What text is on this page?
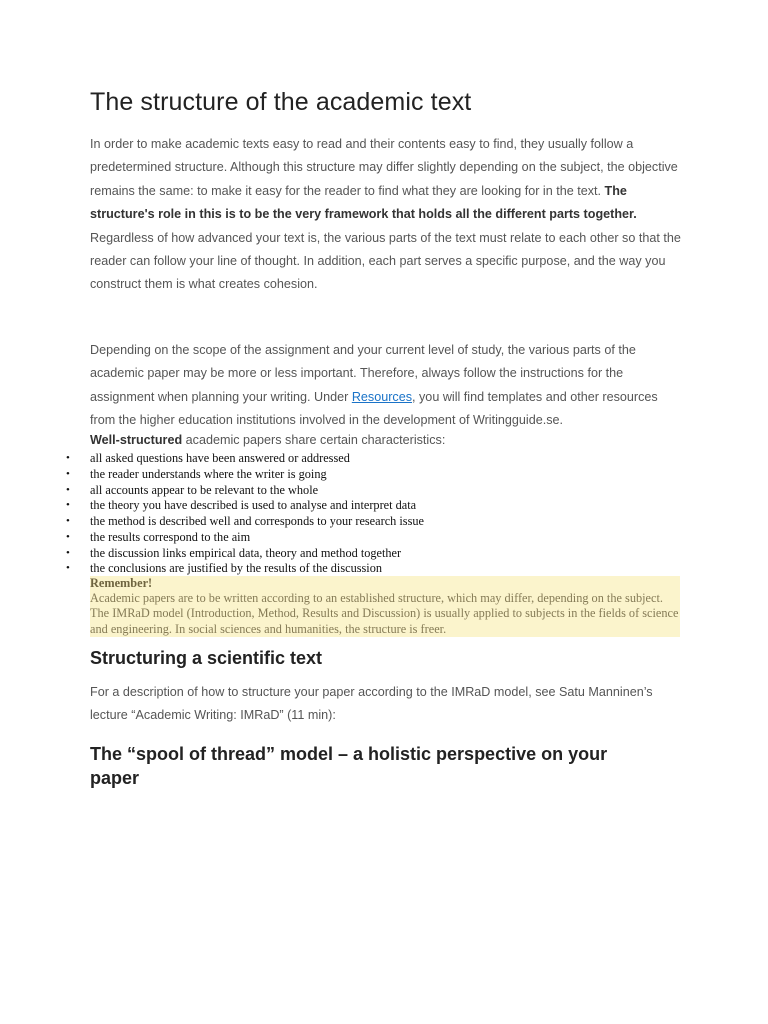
The structure of the academic text

In order to make academic texts easy to read and their contents easy to find, they usually follow a predetermined structure. Although this structure may differ slightly depending on the subject, the objective remains the same: to make it easy for the reader to find what they are looking for in the text. The structure's role in this is to be the very framework that holds all the different parts together. Regardless of how advanced your text is, the various parts of the text must relate to each other so that the reader can follow your line of thought. In addition, each part serves a specific purpose, and the way you construct them is what creates cohesion.

Depending on the scope of the assignment and your current level of study, the various parts of the academic paper may be more or less important. Therefore, always follow the instructions for the assignment when planning your writing. Under Resources, you will find templates and other resources from the higher education institutions involved in the development of Writingguide.se.

Well-structured academic papers share certain characteristics:

• all asked questions have been answered or addressed
• the reader understands where the writer is going
• all accounts appear to be relevant to the whole
• the theory you have described is used to analyse and interpret data
• the method is described well and corresponds to your research issue
• the results correspond to the aim
• the discussion links empirical data, theory and method together
• the conclusions are justified by the results of the discussion
Remember!
Academic papers are to be written according to an established structure, which may differ, depending on the subject. The IMRaD model (Introduction, Method, Results and Discussion) is usually applied to subjects in the fields of science and engineering. In social sciences and humanities, the structure is freer.
Structuring a scientific text

For a description of how to structure your paper according to the IMRaD model, see Satu Manninen’s lecture “Academic Writing: IMRaD” (11 min):

The “spool of thread” model – a holistic perspective on your paper
